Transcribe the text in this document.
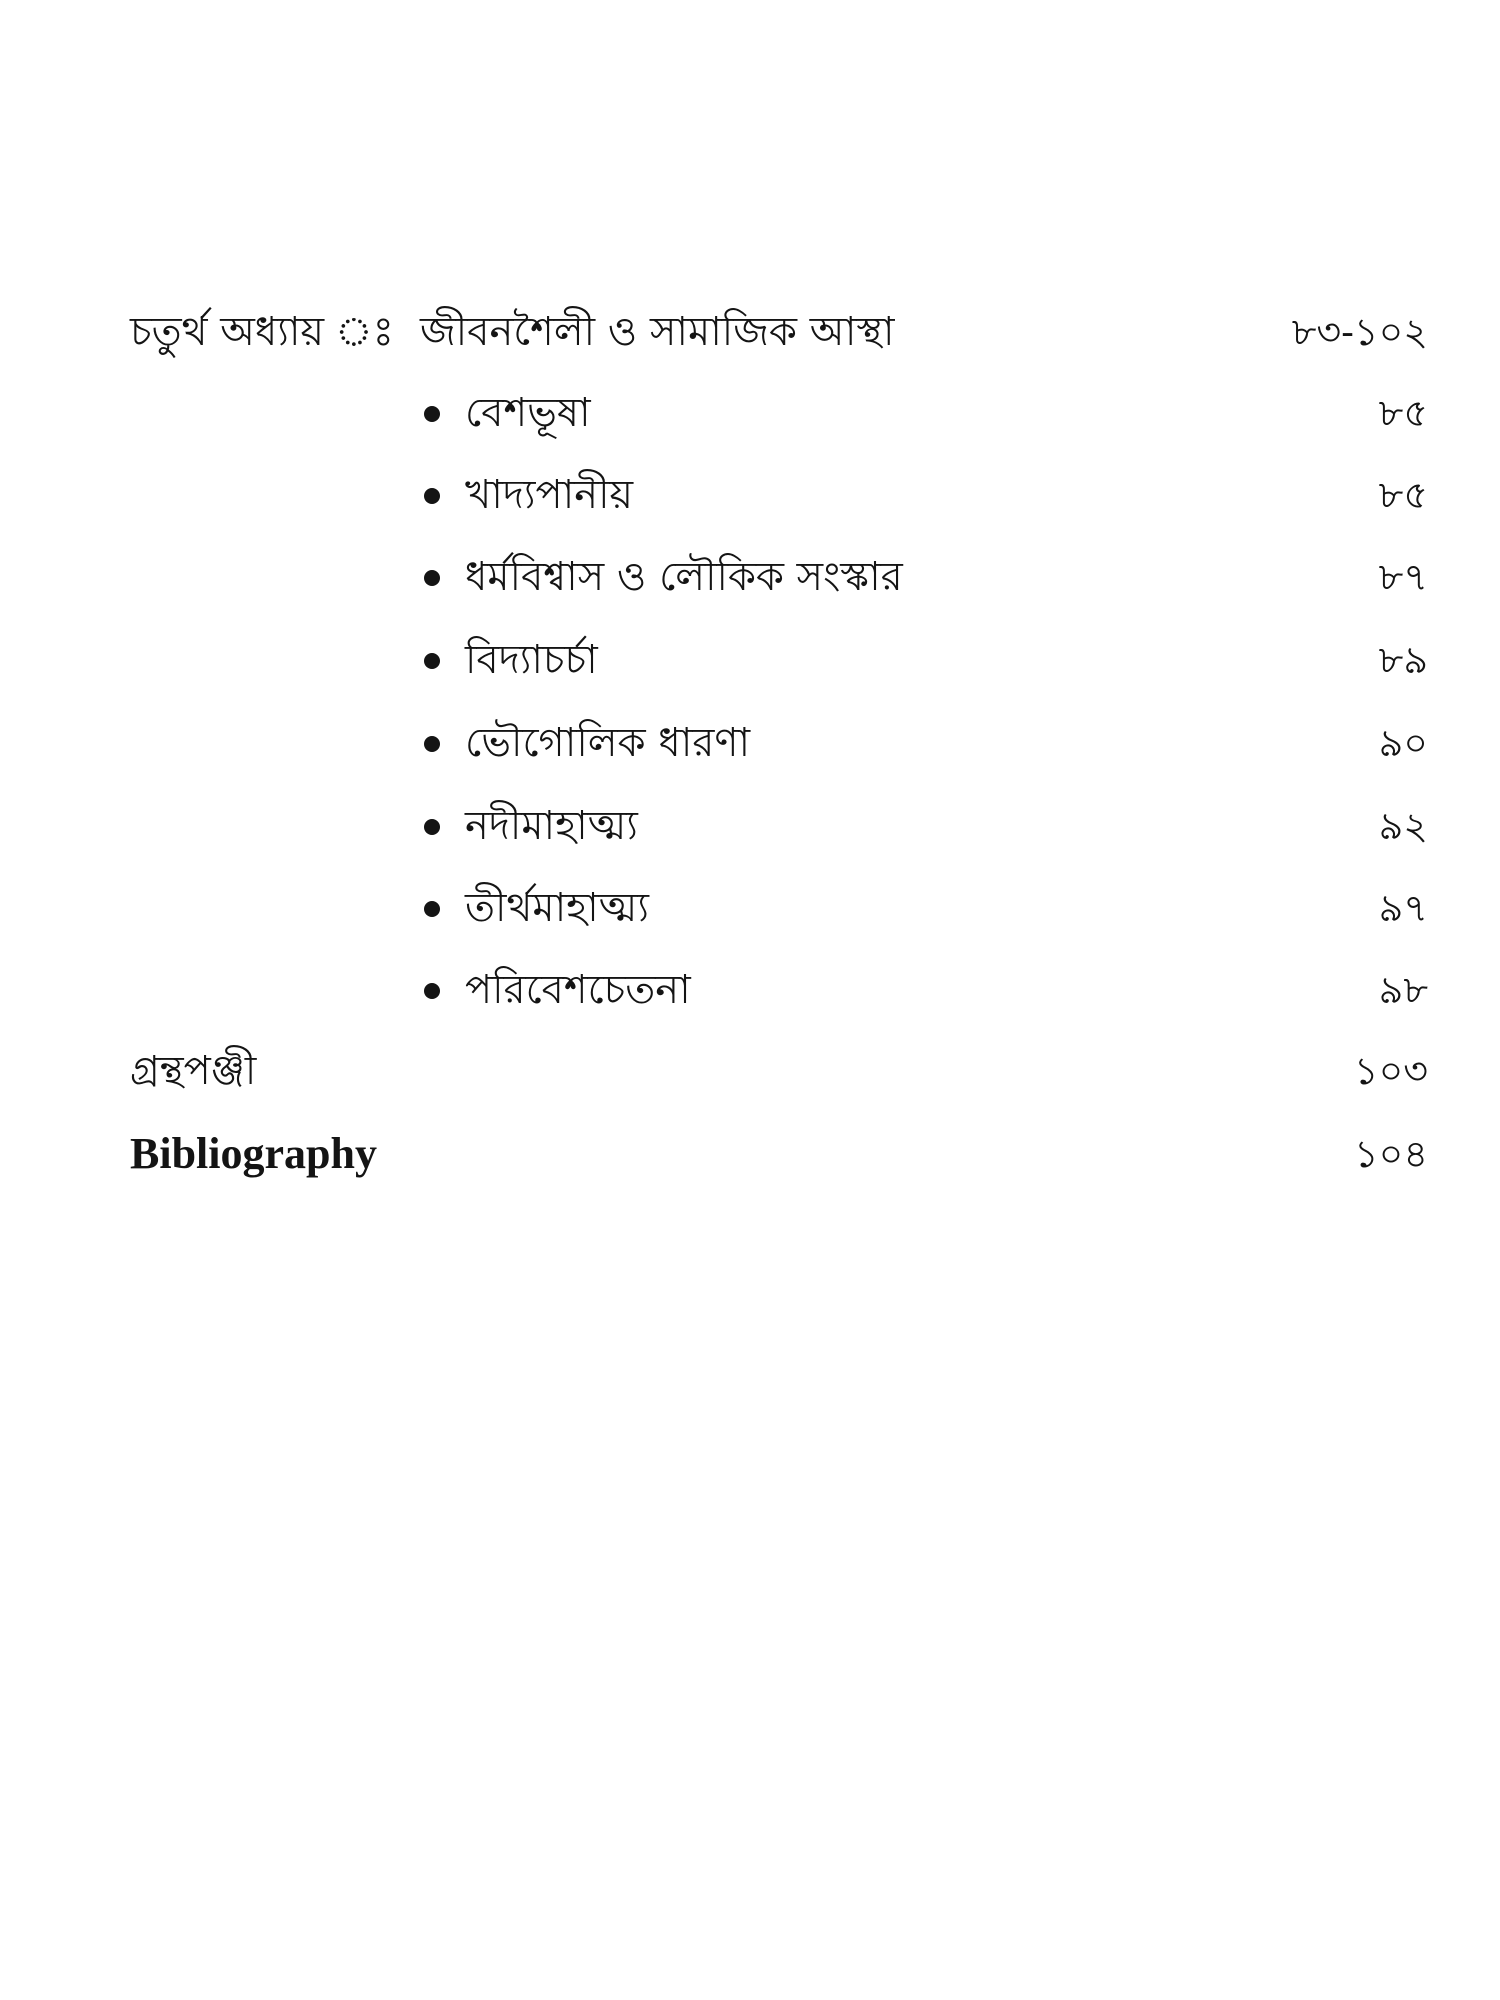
চতুর্থ অধ্যায় ঃ জীবনশৈলী ও সামাজিক আস্থা	৮৩-১০২
বেশভূষা	৮৫
খাদ্যপানীয়	৮৫
ধর্মবিশ্বাস ও লৌকিক সংস্কার	৮৭
বিদ্যাচর্চা	৮৯
ভৌগোলিক ধারণা	৯০
নদীমাহাত্ম্য	৯২
তীর্থমাহাত্ম্য	৯৭
পরিবেশচেতনা	৯৮
গ্রন্থপঞ্জী	১০৩
Bibliography	১০৪
